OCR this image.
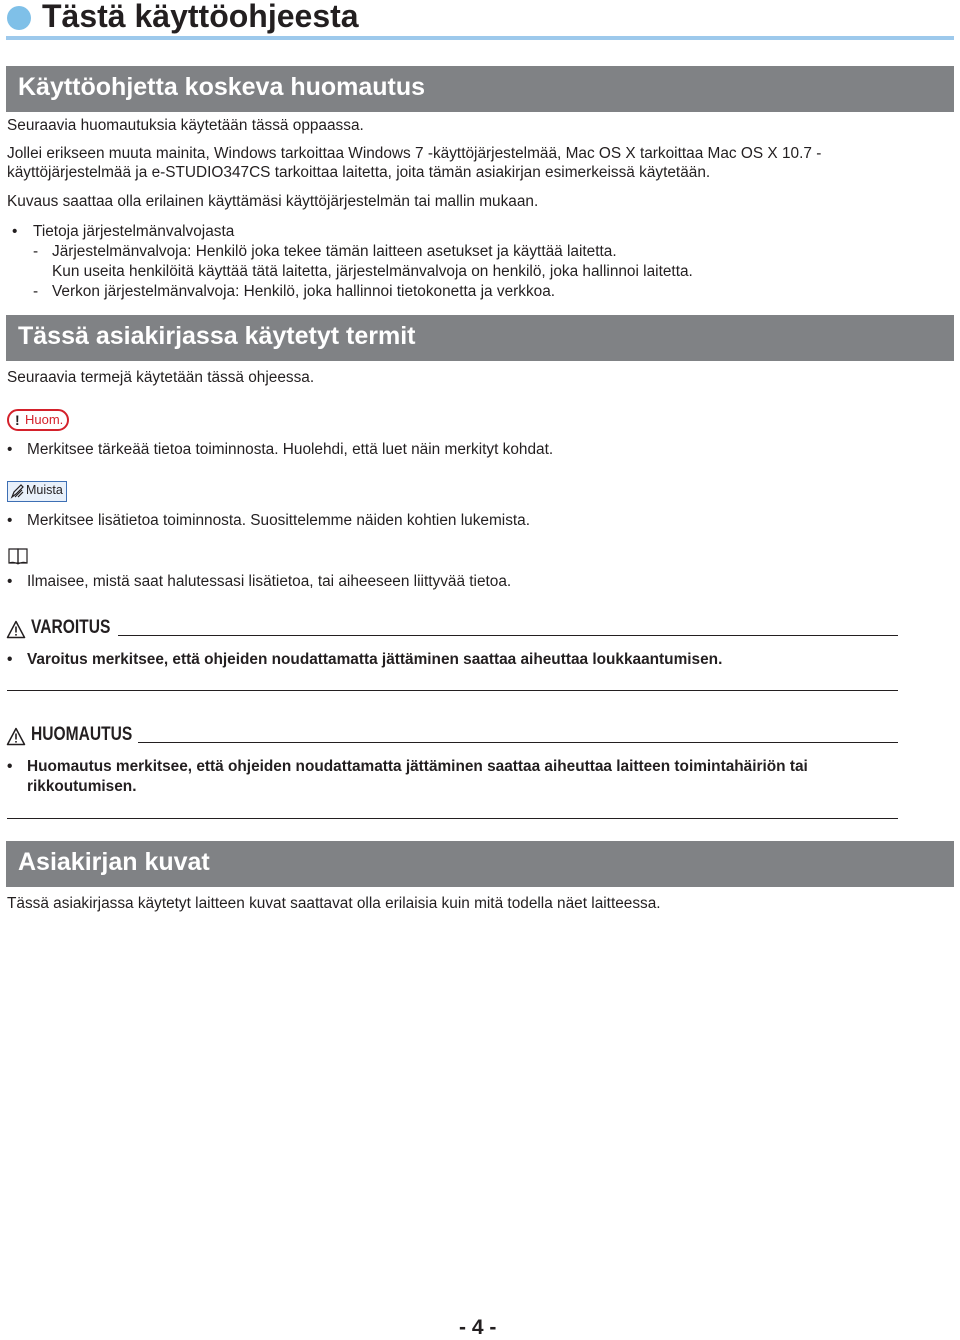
Tästä käyttöohjeesta
Käyttöohjetta koskeva huomautus
Seuraavia huomautuksia käytetään tässä oppaassa.
Jollei erikseen muuta mainita, Windows tarkoittaa Windows 7 -käyttöjärjestelmää, Mac OS X tarkoittaa Mac OS X 10.7 -
käyttöjärjestelmää ja e-STUDIO347CS tarkoittaa laitetta, joita tämän asiakirjan esimerkeissä käytetään.
Kuvaus saattaa olla erilainen käyttämäsi käyttöjärjestelmän tai mallin mukaan.
• Tietoja järjestelmänvalvojasta
- Järjestelmänvalvoja: Henkilö joka tekee tämän laitteen asetukset ja käyttää laitetta.
Kun useita henkilöitä käyttää tätä laitetta, järjestelmänvalvoja on henkilö, joka hallinnoi laitetta.
- Verkon järjestelmänvalvoja: Henkilö, joka hallinnoi tietokonetta ja verkkoa.
Tässä asiakirjassa käytetyt termit
Seuraavia termejä käytetään tässä ohjeessa.
! Huom.
• Merkitsee tärkeää tietoa toiminnosta. Huolehdi, että luet näin merkityt kohdat.
Muista
• Merkitsee lisätietoa toiminnosta. Suosittelemme näiden kohtien lukemista.
• Ilmaisee, mistä saat halutessasi lisätietoa, tai aiheeseen liittyvää tietoa.
VAROITUS
• Varoitus merkitsee, että ohjeiden noudattamatta jättäminen saattaa aiheuttaa loukkaantumisen.
HUOMAUTUS
• Huomautus merkitsee, että ohjeiden noudattamatta jättäminen saattaa aiheuttaa laitteen toimintahäiriön tai
rikkoutumisen.
Asiakirjan kuvat
Tässä asiakirjassa käytetyt laitteen kuvat saattavat olla erilaisia kuin mitä todella näet laitteessa.
- 4 -
